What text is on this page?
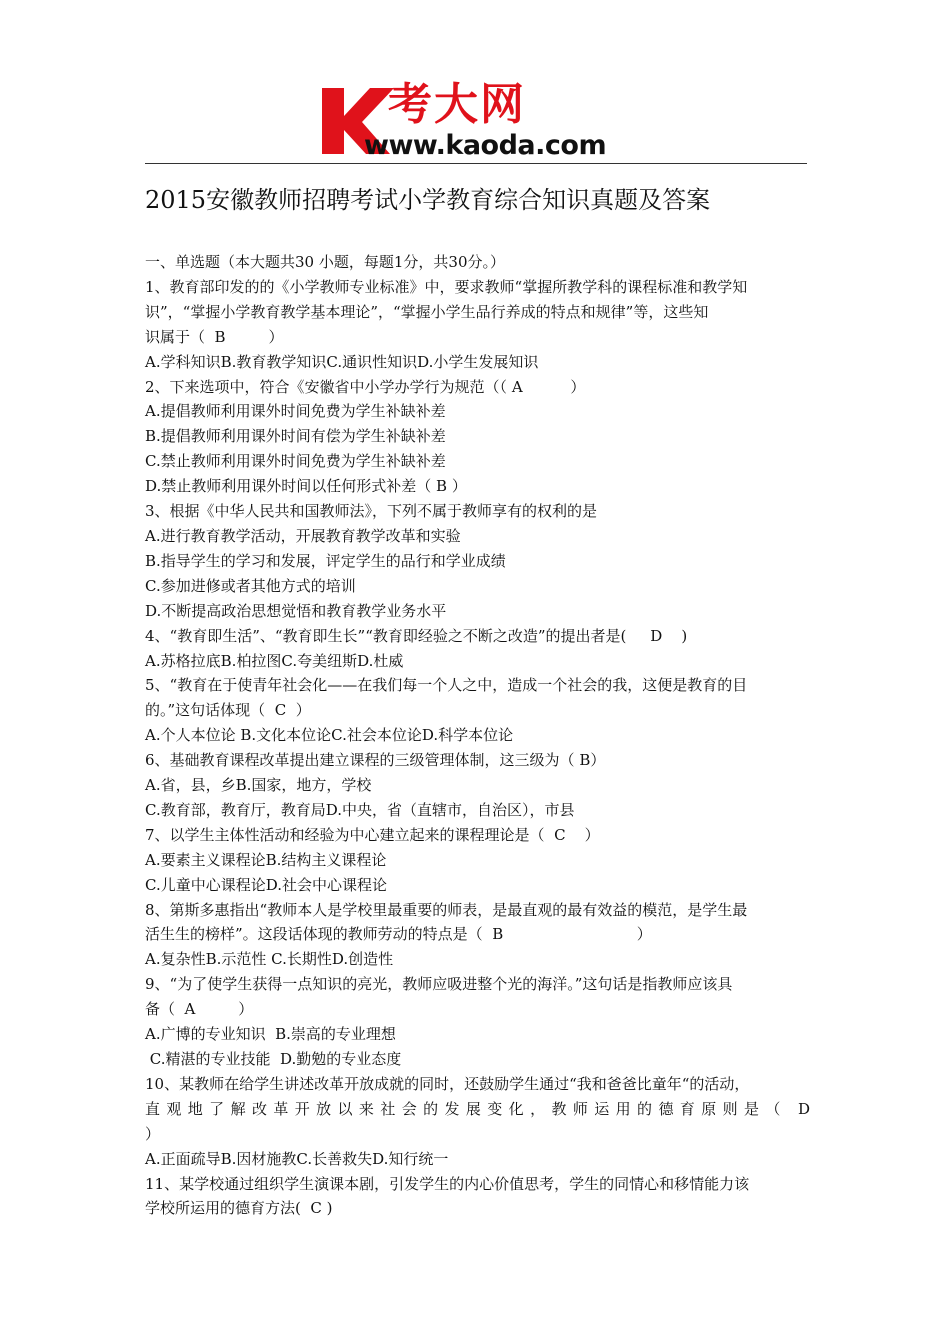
考大网
www.kaoda.com
2015安徽教师招聘考试小学教育综合知识真题及答案
一、单选题（本大题共30 小题，每题1分，共30分。）
1、教育部印发的的《小学教师专业标准》中，要求教师“掌握所教学科的课程标准和教学知
识”，“掌握小学教育教学基本理论”，“掌握小学生品行养成的特点和规律”等，这些知
识属于（  B         ）
A.学科知识B.教育教学知识C.通识性知识D.小学生发展知识
2、下来选项中，符合《安徽省中小学办学行为规范（（ A          ）
A.提倡教师利用课外时间免费为学生补缺补差
B.提倡教师利用课外时间有偿为学生补缺补差
C.禁止教师利用课外时间免费为学生补缺补差
D.禁止教师利用课外时间以任何形式补差（ B ）
3、根据《中华人民共和国教师法》，下列不属于教师享有的权利的是
A.进行教育教学活动，开展教育教学改革和实验
B.指导学生的学习和发展，评定学生的品行和学业成绩
C.参加进修或者其他方式的培训
D.不断提高政治思想觉悟和教育教学业务水平
4、“教育即生活”、“教育即生长”“教育即经验之不断之改造”的提出者是(     D    )
A.苏格拉底B.柏拉图C.夸美纽斯D.杜威
5、“教育在于使青年社会化——在我们每一个人之中，造成一个社会的我，这便是教育的目
的。”这句话体现（  C  ）
A.个人本位论 B.文化本位论C.社会本位论D.科学本位论
6、基础教育课程改革提出建立课程的三级管理体制，这三级为（ B）
A.省，县，乡B.国家，地方，学校
C.教育部，教育厅，教育局D.中央，省（直辖市，自治区），市县
7、以学生主体性活动和经验为中心建立起来的课程理论是（  C    ）
A.要素主义课程论B.结构主义课程论
C.儿童中心课程论D.社会中心课程论
8、第斯多惠指出“教师本人是学校里最重要的师表，是最直观的最有效益的模范，是学生最
活生生的榜样”。这段话体现的教师劳动的特点是（  B                            ）
A.复杂性B.示范性 C.长期性D.创造性
9、“为了使学生获得一点知识的亮光，教师应吸进整个光的海洋。”这句话是指教师应该具
备（  A         ）
A.广博的专业知识  B.崇高的专业理想
C.精湛的专业技能  D.勤勉的专业态度
10、某教师在给学生讲述改革开放成就的同时，还鼓励学生通过“我和爸爸比童年“的活动，
直观地了解改革开放以来社会的发展变化，教师运用的德育原则是（ D
）
A.正面疏导B.因材施教C.长善救失D.知行统一
11、某学校通过组织学生演课本剧，引发学生的内心价值思考，学生的同情心和移情能力该
学校所运用的德育方法(  C )
